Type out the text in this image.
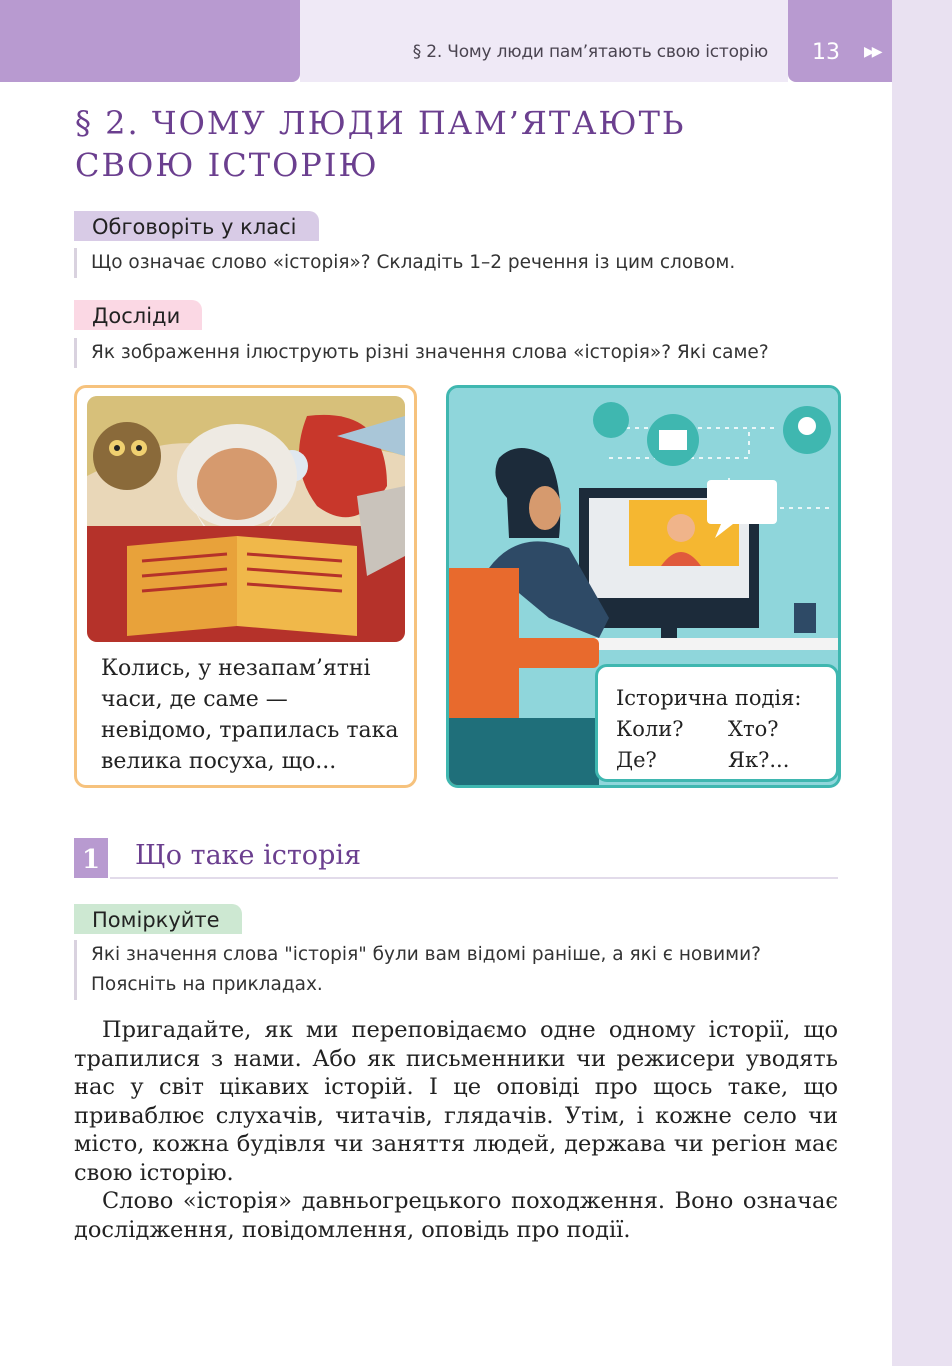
§ 2. Чому люди пам’ятають свою історію 13 ▶▶
§ 2. ЧОМУ ЛЮДИ ПАМ’ЯТАЮТЬ
СВОЮ ІСТОРІЮ
Обговоріть у класі
Що означає слово «історія»? Складіть 1–2 речення із цим словом.
Досліди
Як зображення ілюструють різні значення слова «історія»? Які саме?
Колись, у незапам’ятні часи, де саме — невідомо, трапилась така велика посуха, що...
Історична подія:
Коли?	Хто?
Де?	Як?...
1 Що таке історія
Поміркуйте
Які значення слова "історія" були вам відомі раніше, а які є новими? Поясніть на прикладах.

Пригадайте, як ми переповідаємо одне одному історії, що трапилися з нами. Або як письменники чи режисери уводять нас у світ цікавих історій. І це оповіді про щось таке, що приваблює слухачів, читачів, глядачів. Утім, і кожне село чи місто, кожна будівля чи заняття людей, держава чи регіон має свою історію.

Слово «історія» давньогрецького походження. Воно означає дослідження, повідомлення, оповідь про події.
